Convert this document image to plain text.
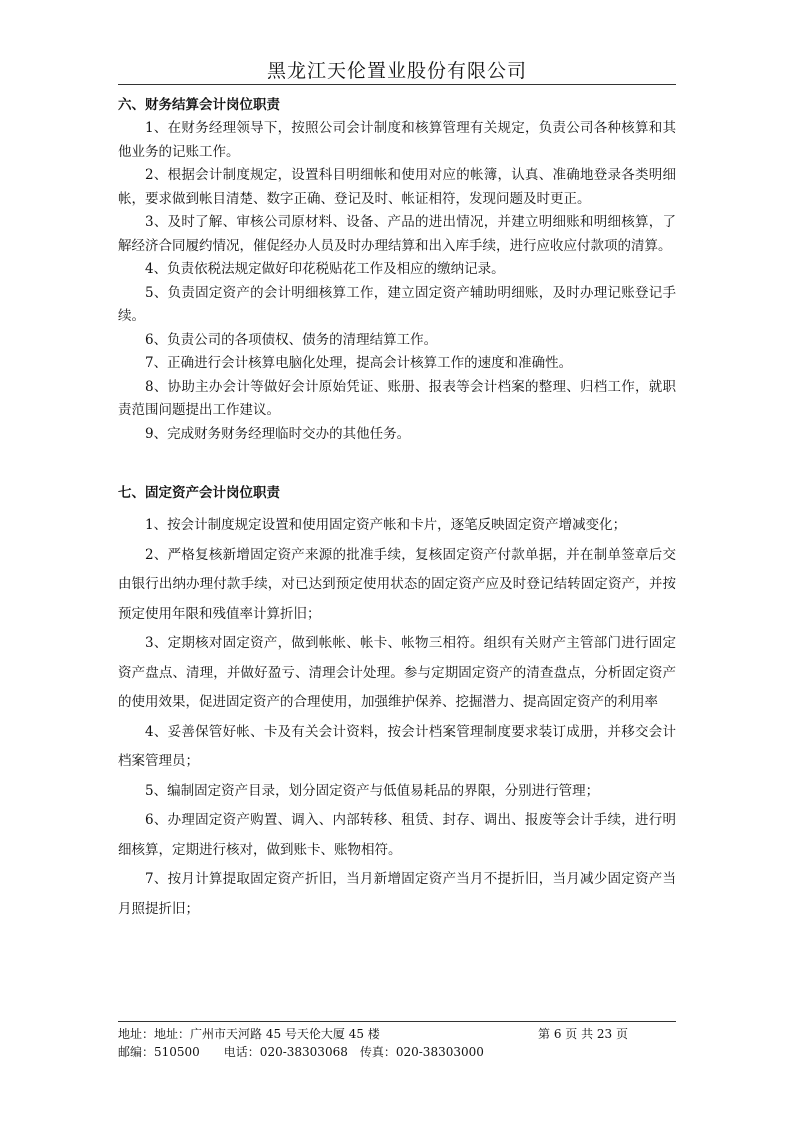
黑龙江天伦置业股份有限公司

六、财务结算会计岗位职责

1、在财务经理领导下，按照公司会计制度和核算管理有关规定，负责公司各种核算和其他业务的记账工作。

2、根据会计制度规定，设置科目明细帐和使用对应的帐簿，认真、准确地登录各类明细帐，要求做到帐目清楚、数字正确、登记及时、帐证相符，发现问题及时更正。

3、及时了解、审核公司原材料、设备、产品的进出情况，并建立明细账和明细核算，了解经济合同履约情况，催促经办人员及时办理结算和出入库手续，进行应收应付款项的清算。

4、负责依税法规定做好印花税贴花工作及相应的缴纳记录。

5、负责固定资产的会计明细核算工作，建立固定资产辅助明细账，及时办理记账登记手续。

6、负责公司的各项债权、债务的清理结算工作。

7、正确进行会计核算电脑化处理，提高会计核算工作的速度和准确性。

8、协助主办会计等做好会计原始凭证、账册、报表等会计档案的整理、归档工作，就职责范围问题提出工作建议。

9、完成财务财务经理临时交办的其他任务。

七、固定资产会计岗位职责

1、按会计制度规定设置和使用固定资产帐和卡片，逐笔反映固定资产增减变化；

2、严格复核新增固定资产来源的批准手续，复核固定资产付款单据，并在制单签章后交由银行出纳办理付款手续，对已达到预定使用状态的固定资产应及时登记结转固定资产，并按预定使用年限和残值率计算折旧；

3、定期核对固定资产，做到帐帐、帐卡、帐物三相符。组织有关财产主管部门进行固定资产盘点、清理，并做好盈亏、清理会计处理。参与定期固定资产的清查盘点，分析固定资产的使用效果，促进固定资产的合理使用，加强维护保养、挖掘潜力、提高固定资产的利用率

4、妥善保管好帐、卡及有关会计资料，按会计档案管理制度要求装订成册，并移交会计档案管理员；

5、编制固定资产目录，划分固定资产与低值易耗品的界限，分别进行管理；

6、办理固定资产购置、调入、内部转移、租赁、封存、调出、报废等会计手续，进行明细核算，定期进行核对，做到账卡、账物相符。

7、按月计算提取固定资产折旧，当月新增固定资产当月不提折旧，当月减少固定资产当月照提折旧；

地址：地址：广州市天河路 45 号天伦大厦 45 楼	第 6 页 共 23 页
邮编：510500　　电话：020-38303068　传真：020-38303000
